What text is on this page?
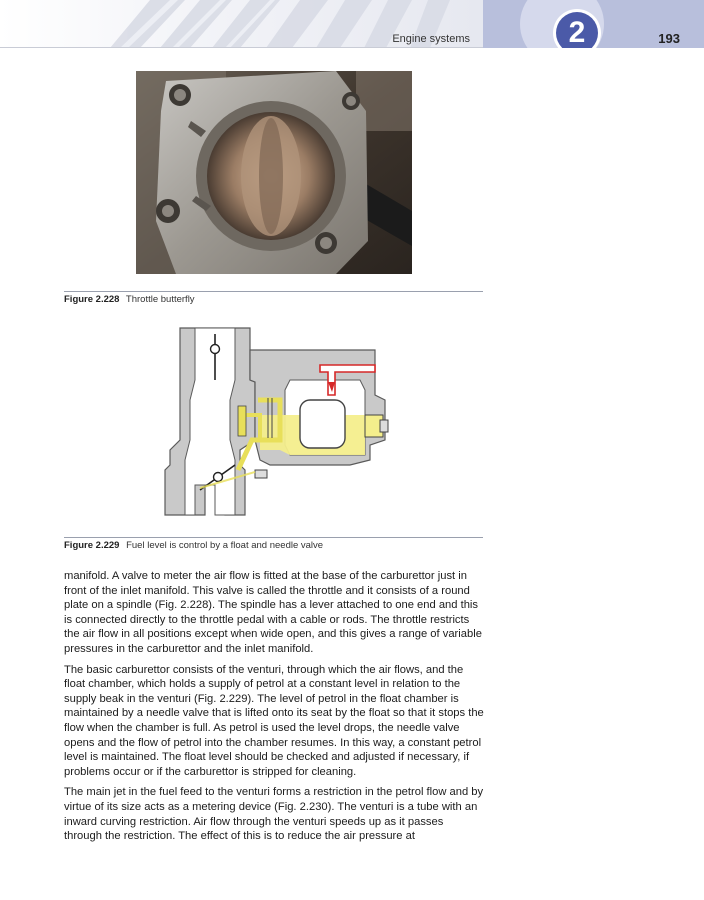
Engine systems	2	193
Figure 2.228 Throttle butterfly
Figure 2.229 Fuel level is control by a float and needle valve

manifold. A valve to meter the air flow is fitted at the base of the carburettor just in front of the inlet manifold. This valve is called the throttle and it consists of a round plate on a spindle (Fig. 2.228). The spindle has a lever attached to one end and this is connected directly to the throttle pedal with a cable or rods. The throttle restricts the air flow in all positions except when wide open, and this gives a range of variable pressures in the carburettor and the inlet manifold.

The basic carburettor consists of the venturi, through which the air flows, and the float chamber, which holds a supply of petrol at a constant level in relation to the supply beak in the venturi (Fig. 2.229). The level of petrol in the float chamber is maintained by a needle valve that is lifted onto its seat by the float so that it stops the flow when the chamber is full. As petrol is used the level drops, the needle valve opens and the flow of petrol into the chamber resumes. In this way, a constant petrol level is maintained. The float level should be checked and adjusted if necessary, if problems occur or if the carburettor is stripped for cleaning.

The main jet in the fuel feed to the venturi forms a restriction in the petrol flow and by virtue of its size acts as a metering device (Fig. 2.230). The venturi is a tube with an inward curving restriction. Air flow through the venturi speeds up as it passes through the restriction. The effect of this is to reduce the air pressure at
